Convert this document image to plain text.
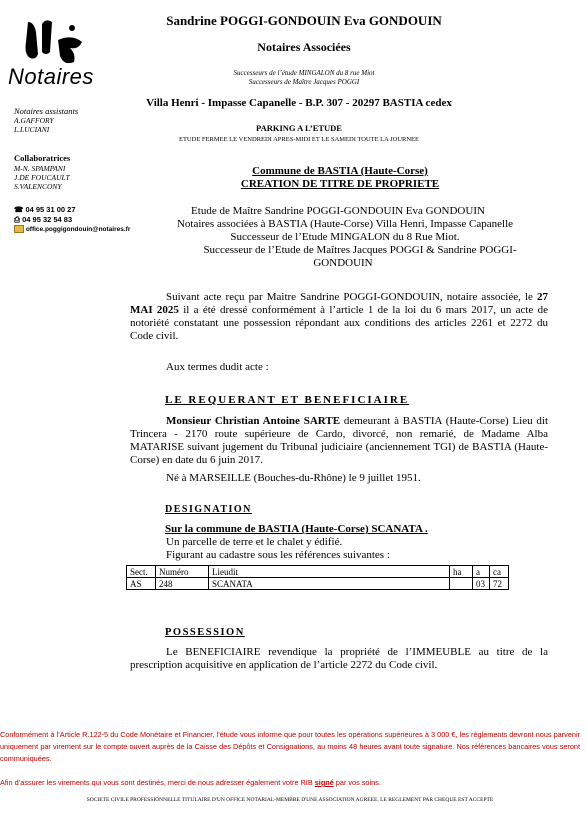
Notaires
Notaires assistants
A.GAFFORY
L.LUCIANI
Collaboratrices
M-N. SPAMPANI
J.DE FOUCAULT
S.VALENCONY
☎ 04 95 31 00 27
⎙ 04 95 32 54 83
office.poggigondouin@notaires.fr
Sandrine POGGI-GONDOUIN Eva GONDOUIN
Notaires Associées
Successeurs de l’étude MINGALON du 8 rue Miot
Successeurs de Maître Jacques POGGI
Villa Henri - Impasse Capanelle - B.P. 307 - 20297 BASTIA cedex
PARKING A L’ETUDE
ETUDE FERMEE LE VENDREDI APRES-MIDI ET LE SAMEDI TOUTE LA JOURNEE
Commune de BASTIA (Haute-Corse)
CREATION DE TITRE DE PROPRIETE
Etude de Maître Sandrine POGGI-GONDOUIN Eva GONDOUIN
Notaires associées à BASTIA (Haute-Corse) Villa Henri, Impasse Capanelle
Successeur de l’Etude MINGALON du 8 Rue Miot.
Successeur de l’Etude de Maîtres Jacques POGGI & Sandrine POGGI-
GONDOUIN
Suivant acte reçu par Maitre Sandrine POGGI-GONDOUIN, notaire associée, le 27 MAI 2025 il a été dressé conformément à l’article 1 de la loi du 6 mars 2017, un acte de notoriété constatant une possession répondant aux conditions des articles 2261 et 2272 du Code civil.
Aux termes dudit acte :
LE REQUERANT ET BENEFICIAIRE
Monsieur Christian Antoine SARTE demeurant à BASTIA (Haute-Corse) Lieu dit Trincera - 2170 route supérieure de Cardo, divorcé, non remarié, de Madame Alba MATARISE suivant jugement du Tribunal judiciaire (anciennement TGI) de BASTIA (Haute-Corse) en date du 6 juin 2017.
Né à MARSEILLE (Bouches-du-Rhône) le 9 juillet 1951.
DESIGNATION
Sur la commune de BASTIA (Haute-Corse) SCANATA .
Un parcelle de terre et le chalet y édifié.
Figurant au cadastre sous les références suivantes :
Sect.	Numéro	Lieudit	ha	a	ca
AS	248	SCANATA		03	72
POSSESSION
Le BENEFICIAIRE revendique la propriété de l’IMMEUBLE au titre de la prescription acquisitive en application de l’article 2272 du Code civil.
Conformément à l’Article R.122-5 du Code Monétaire et Financier, l’étude vous informe que pour toutes les opérations supérieures à 3 000 €, les règlements devront nous parvenir uniquement par virement sur le compte ouvert auprès de la Caisse des Dépôts et Consignations, au moins 48 heures avant toute signature. Nos références bancaires vous seront communiquées.
Afin d’assurer les virements qui vous sont destinés, merci de nous adresser également votre RIB signé par vos soins.
SOCIETE CIVILE PROFESSIONNELLE TITULAIRE D'UN OFFICE NOTARIAL-MEMBRE D'UNE ASSOCIATION AGREEE, LE REGLEMENT PAR CHEQUE EST ACCEPTE
